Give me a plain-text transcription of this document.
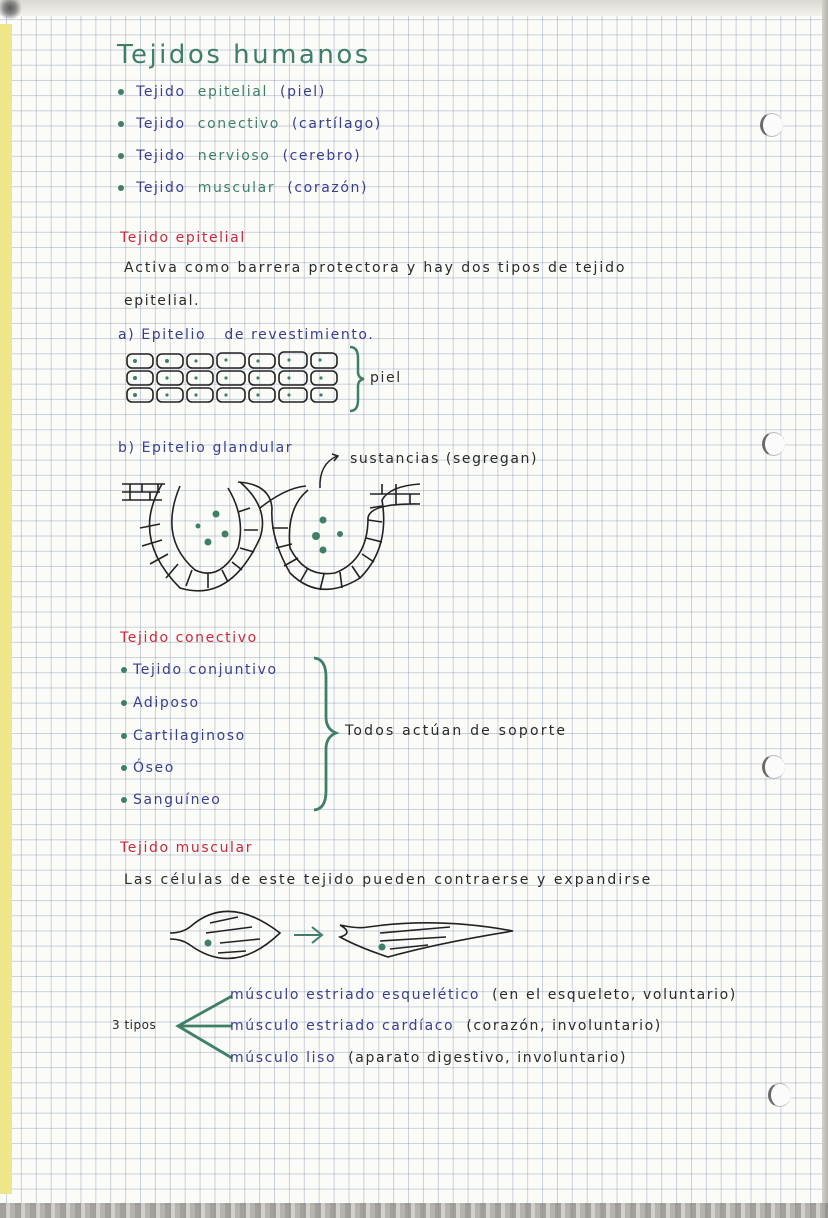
Tejidos humanos
Tejido epitelial (piel)
Tejido conectivo (cartílago)
Tejido nervioso (cerebro)
Tejido muscular (corazón)
Tejido epitelial
Activa como barrera protectora y hay dos tipos de tejido
epitelial.
a) Epitelio de revestimiento.
piel
b) Epitelio glandular
sustancias (segregan)
Tejido conectivo
Tejido conjuntivo
Adiposo
Cartilaginoso
Óseo
Sanguíneo
Todos actúan de soporte
Tejido muscular
Las células de este tejido pueden contraerse y expandirse
3 tipos
músculo estriado esquelético (en el esqueleto, voluntario)
músculo estriado cardíaco (corazón, involuntario)
músculo liso (aparato digestivo, involuntario)
